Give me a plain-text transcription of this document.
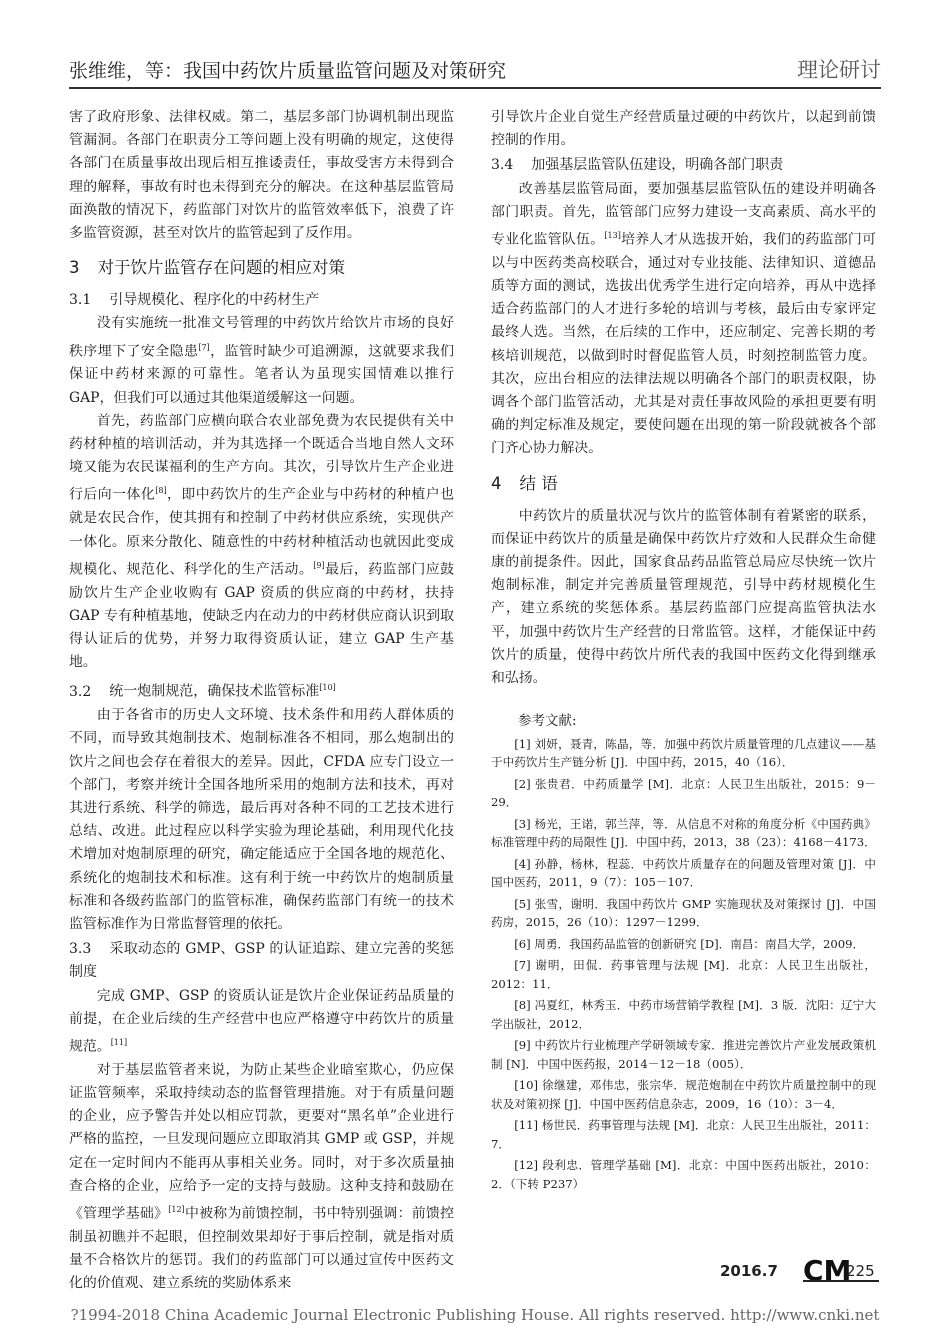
张维维，等：我国中药饮片质量监管问题及对策研究	理论研讨

害了政府形象、法律权威。第二，基层多部门协调机制出现监管漏洞。各部门在职责分工等问题上没有明确的规定，这使得各部门在质量事故出现后相互推诿责任，事故受害方未得到合理的解释，事故有时也未得到充分的解决。在这种基层监管局面涣散的情况下，药监部门对饮片的监管效率低下，浪费了许多监管资源，甚至对饮片的监管起到了反作用。

3 对于饮片监管存在问题的相应对策
3.1 引导规模化、程序化的中药材生产

没有实施统一批准文号管理的中药饮片给饮片市场的良好秩序埋下了安全隐患[7]，监管时缺少可追溯源，这就要求我们保证中药材来源的可靠性。笔者认为虽现实国情难以推行 GAP，但我们可以通过其他渠道缓解这一问题。

首先，药监部门应横向联合农业部免费为农民提供有关中药材种植的培训活动，并为其选择一个既适合当地自然人文环境又能为农民谋福利的生产方向。其次，引导饮片生产企业进行后向一体化[8]，即中药饮片的生产企业与中药材的种植户也就是农民合作，使其拥有和控制了中药材供应系统，实现供产一体化。原来分散化、随意性的中药材种植活动也就因此变成规模化、规范化、科学化的生产活动。[9]最后，药监部门应鼓励饮片生产企业收购有 GAP 资质的供应商的中药材，扶持 GAP 专有种植基地，使缺乏内在动力的中药材供应商认识到取得认证后的优势，并努力取得资质认证，建立 GAP 生产基地。

3.2 统一炮制规范，确保技术监管标准[10]

由于各省市的历史人文环境、技术条件和用药人群体质的不同，而导致其炮制技术、炮制标准各不相同，那么炮制出的饮片之间也会存在着很大的差异。因此，CFDA 应专门设立一个部门，考察并统计全国各地所采用的炮制方法和技术，再对其进行系统、科学的筛选，最后再对各种不同的工艺技术进行总结、改进。此过程应以科学实验为理论基础，利用现代化技术增加对炮制原理的研究，确定能适应于全国各地的规范化、系统化的炮制技术和标准。这有利于统一中药饮片的炮制质量标准和各级药监部门的监管标准，确保药监部门有统一的技术监管标准作为日常监督管理的依托。

3.3 采取动态的 GMP、GSP 的认证追踪、建立完善的奖惩制度

完成 GMP、GSP 的资质认证是饮片企业保证药品质量的前提，在企业后续的生产经营中也应严格遵守中药饮片的质量规范。[11]

对于基层监管者来说，为防止某些企业暗室欺心，仍应保证监管频率，采取持续动态的监督管理措施。对于有质量问题的企业，应予警告并处以相应罚款，更要对“黑名单”企业进行严格的监控，一旦发现问题应立即取消其 GMP 或 GSP，并规定在一定时间内不能再从事相关业务。同时，对于多次质量抽查合格的企业，应给予一定的支持与鼓励。这种支持和鼓励在《管理学基础》[12]中被称为前馈控制，书中特别强调：前馈控制虽初瞧并不起眼，但控制效果却好于事后控制，就是指对质量不合格饮片的惩罚。我们的药监部门可以通过宣传中医药文化的价值观、建立系统的奖励体系来

引导饮片企业自觉生产经营质量过硬的中药饮片，以起到前馈控制的作用。

3.4 加强基层监管队伍建设，明确各部门职责

改善基层监管局面，要加强基层监管队伍的建设并明确各部门职责。首先，监管部门应努力建设一支高素质、高水平的专业化监管队伍。[13]培养人才从选拔开始，我们的药监部门可以与中医药类高校联合，通过对专业技能、法律知识、道德品质等方面的测试，选拔出优秀学生进行定向培养，再从中选择适合药监部门的人才进行多轮的培训与考核，最后由专家评定最终人选。当然，在后续的工作中，还应制定、完善长期的考核培训规范，以做到时时督促监管人员，时刻控制监管力度。其次，应出台相应的法律法规以明确各个部门的职责权限，协调各个部门监管活动，尤其是对责任事故风险的承担更要有明确的判定标准及规定，要使问题在出现的第一阶段就被各个部门齐心协力解决。

4 结 语

中药饮片的质量状况与饮片的监管体制有着紧密的联系，而保证中药饮片的质量是确保中药饮片疗效和人民群众生命健康的前提条件。因此，国家食品药品监管总局应尽快统一饮片炮制标准，制定并完善质量管理规范，引导中药材规模化生产，建立系统的奖惩体系。基层药监部门应提高监管执法水平，加强中药饮片生产经营的日常监管。这样，才能保证中药饮片的质量，使得中药饮片所代表的我国中医药文化得到继承和弘扬。

参考文献:
[1] 刘妍，聂青，陈晶，等．加强中药饮片质量管理的几点建议——基于中药饮片生产链分析 [J]．中国中药，2015，40（16）．
[2] 张贵君．中药质量学 [M]．北京：人民卫生出版社，2015：9－29．
[3] 杨光，王诺，郭兰萍，等．从信息不对称的角度分析《中国药典》标准管理中药的局限性 [J]．中国中药，2013，38（23）：4168－4173．
[4] 孙静，杨林，程蕊．中药饮片质量存在的问题及管理对策 [J]．中国中医药，2011，9（7）：105－107．
[5] 张雪，谢明．我国中药饮片 GMP 实施现状及对策探讨 [J]．中国药房，2015，26（10）：1297－1299．
[6] 周勇．我国药品监管的创新研究 [D]．南昌：南昌大学，2009．
[7] 谢明，田侃．药事管理与法规 [M]．北京：人民卫生出版社，2012：11．
[8] 冯夏红，林秀玉．中药市场营销学教程 [M]．3 版．沈阳：辽宁大学出版社，2012．
[9] 中药饮片行业梳理产学研领域专家．推进完善饮片产业发展政策机制 [N]．中国中医药报，2014－12－18（005）．
[10] 徐继建，邓伟忠，张宗华．规范炮制在中药饮片质量控制中的现状及对策初探 [J]．中国中医药信息杂志，2009，16（10）：3－4．
[11] 杨世民．药事管理与法规 [M]．北京：人民卫生出版社，2011：7．
[12] 段利忠．管理学基础 [M]．北京：中国中医药出版社，2010：2．（下转 P237）
2016.7 CM
225
?1994-2018 China Academic Journal Electronic Publishing House. All rights reserved. http://www.cnki.net
